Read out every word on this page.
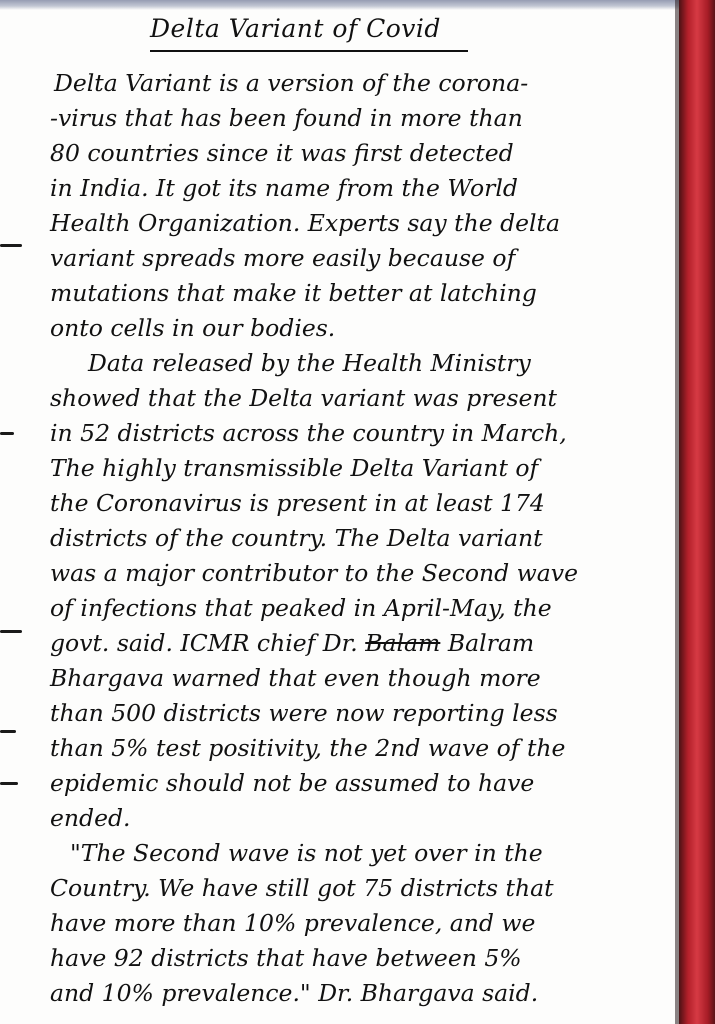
Delta Variant of Covid
Delta Variant is a version of the corona-
-virus that has been found in more than
80 countries since it was first detected
in India. It got its name from the World
Health Organization. Experts say the delta
variant spreads more easily because of
mutations that make it better at latching
onto cells in our bodies.
Data released by the Health Ministry
showed that the Delta variant was present
in 52 districts across the country in March,
The highly transmissible Delta Variant of
the Coronavirus is present in at least 174
districts of the country. The Delta variant
was a major contributor to the Second wave
of infections that peaked in April-May, the
govt. said. ICMR chief Dr. Balam Balram
Bhargava warned that even though more
than 500 districts were now reporting less
than 5% test positivity, the 2nd wave of the
epidemic should not be assumed to have
ended.
"The Second wave is not yet over in the
Country. We have still got 75 districts that
have more than 10% prevalence, and we
have 92 districts that have between 5%
and 10% prevalence." Dr. Bhargava said.
